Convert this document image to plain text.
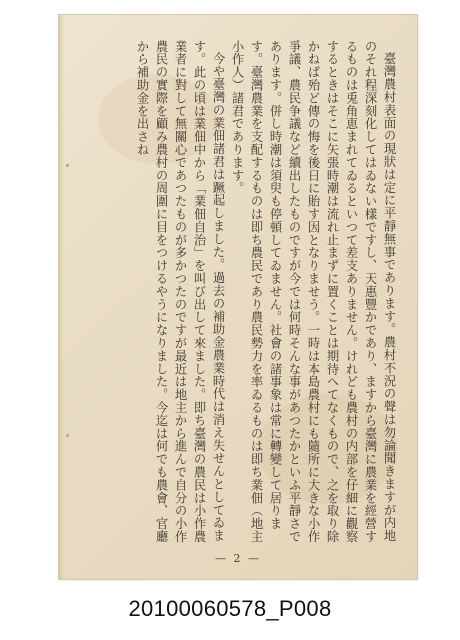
臺灣農村表面の現狀は定に平靜無事であります。農村不況の聲は勿論聞きますが内地のそれ程深刻化してはゐない樣ですし、天惠豐かであり、ますから臺灣に農業を經營するものは兎角恵まれてゐるといつて差支ありません。けれども農村の内部を仔細に觀察するときはそこに矢張時潮は流れ止まずに置くことは期待へてなくもので、之を取り除かねば殆ど傳の悔を後日に貽す因となりませう。一時は本島農村にも隨所に大きな小作爭議、農民争議など續出したものですが今では何時そんな事があつたかといふ平靜さであります。併し時潮は須臾も停頓してゐません。社會の諸事象は常に轉變して居ります。臺灣農業を支配するものは即ち農民であり農民勢力を率ゐるものは即ち業佃（地主小作人）諸君であります。

今や臺灣の業佃諸君は蹶起しました。過去の補助金農業時代は消え失せんとしてゐます。此の頃は業佃中から「業佃自治」を叫び出して來ました。即ち臺灣の農民は小作農業者に對して無關心であつたものが多かつたのですが最近は地主から進んで自分の小作農民の實際を顧み農村の周圍に目をつけるやうになりました。今迄は何でも農會、官廳から補助金を出さね

— 2 —
20100060578_P008
